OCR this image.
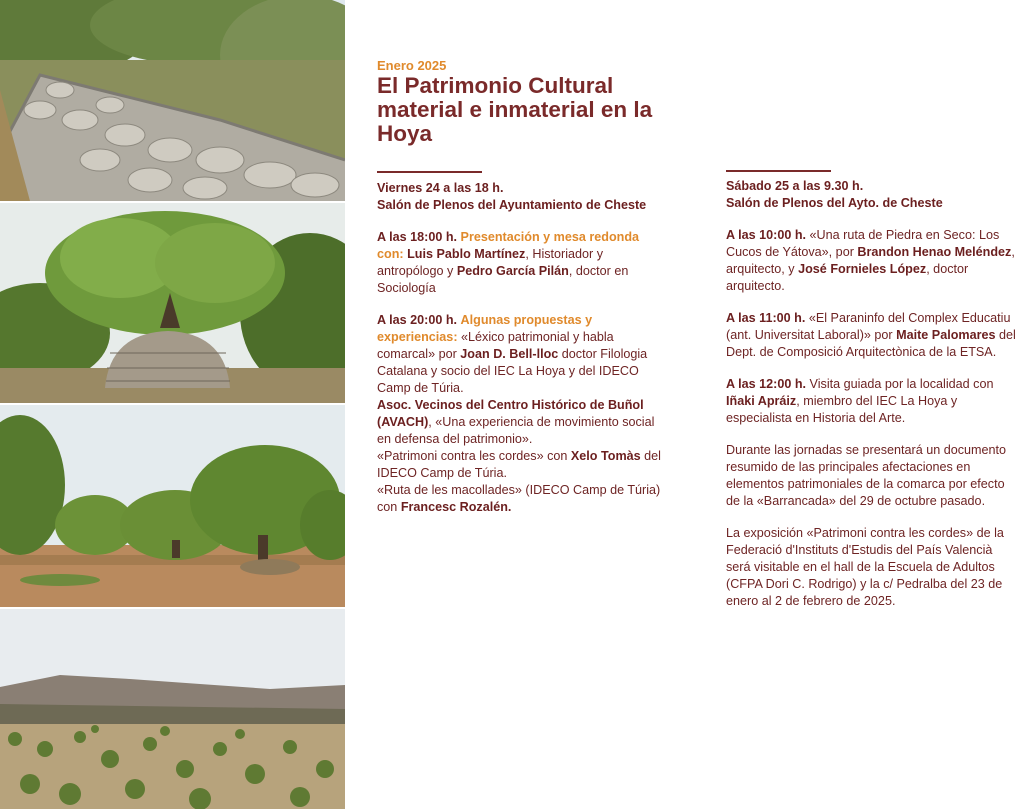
Enero 2025
El Patrimonio Cultural material e inmaterial en la Hoya

Viernes 24 a las 18 h.
Salón de Plenos del Ayuntamiento de Cheste

A las 18:00 h. Presentación y mesa redonda con: Luis Pablo Martínez, Historiador y antropólogo y Pedro García Pilán, doctor en Sociología

A las 20:00 h. Algunas propuestas y experiencias: «Léxico patrimonial y habla comarcal» por Joan D. Bell-lloc doctor Filologia Catalana y socio del IEC La Hoya y del IDECO Camp de Túria.

Asoc. Vecinos del Centro Histórico de Buñol (AVACH), «Una experiencia de movimiento social en defensa del patrimonio».

«Patrimoni contra les cordes» con Xelo Tomàs del IDECO Camp de Túria.

«Ruta de les macollades» (IDECO Camp de Túria) con Francesc Rozalén.

Sábado 25 a las 9.30 h.
Salón de Plenos del Ayto. de Cheste

A las 10:00 h. «Una ruta de Piedra en Seco: Los Cucos de Yátova», por Brandon Henao Meléndez, arquitecto, y José Fornieles López, doctor arquitecto.

A las 11:00 h. «El Paraninfo del Complex Educatiu (ant. Universitat Laboral)» por Maite Palomares del Dept. de Composició Arquitectònica de la ETSA.

A las 12:00 h. Visita guiada por la localidad con Iñaki Apráiz, miembro del IEC La Hoya y especialista en Historia del Arte.

Durante las jornadas se presentará un documento resumido de las principales afectaciones en elementos patrimoniales de la comarca por efecto de la «Barrancada» del 29 de octubre pasado.

La exposición «Patrimoni contra les cordes» de la Federació d'Instituts d'Estudis del País Valencià será visitable en el hall de la Escuela de Adultos (CFPA Dori C. Rodrigo) y la c/ Pedralba del 23 de enero al 2 de febrero de 2025.
